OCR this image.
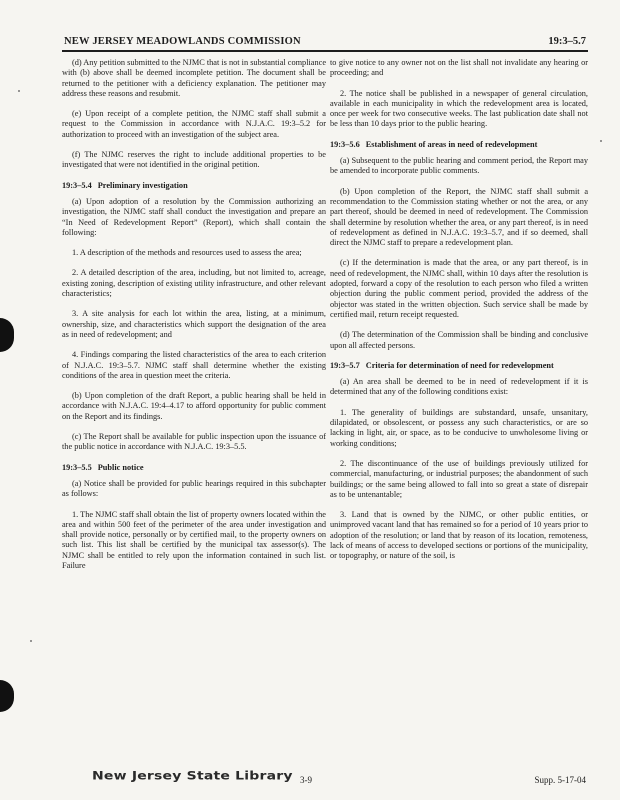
NEW JERSEY MEADOWLANDS COMMISSION	19:3–5.7

(d) Any petition submitted to the NJMC that is not in substantial compliance with (b) above shall be deemed incomplete petition. The document shall be returned to the petitioner with a deficiency explanation. The petitioner may address these reasons and resubmit.

(e) Upon receipt of a complete petition, the NJMC staff shall submit a request to the Commission in accordance with N.J.A.C. 19:3–5.2 for authorization to proceed with an investigation of the subject area.

(f) The NJMC reserves the right to include additional properties to be investigated that were not identified in the original petition.

19:3–5.4 Preliminary investigation

(a) Upon adoption of a resolution by the Commission authorizing an investigation, the NJMC staff shall conduct the investigation and prepare an “In Need of Redevelopment Report” (Report), which shall contain the following:

1. A description of the methods and resources used to assess the area;

2. A detailed description of the area, including, but not limited to, acreage, existing zoning, description of existing utility infrastructure, and other relevant characteristics;

3. A site analysis for each lot within the area, listing, at a minimum, ownership, size, and characteristics which support the designation of the area as in need of redevelopment; and

4. Findings comparing the listed characteristics of the area to each criterion of N.J.A.C. 19:3–5.7. NJMC staff shall determine whether the existing conditions of the area in question meet the criteria.

(b) Upon completion of the draft Report, a public hearing shall be held in accordance with N.J.A.C. 19:4–4.17 to afford opportunity for public comment on the Report and its findings.

(c) The Report shall be available for public inspection upon the issuance of the public notice in accordance with N.J.A.C. 19:3–5.5.

19:3–5.5 Public notice

(a) Notice shall be provided for public hearings required in this subchapter as follows:

1. The NJMC staff shall obtain the list of property owners located within the area and within 500 feet of the perimeter of the area under investigation and shall provide notice, personally or by certified mail, to the property owners on such list. This list shall be certified by the municipal tax assessor(s). The NJMC shall be entitled to rely upon the information contained in such list. Failure

to give notice to any owner not on the list shall not invalidate any hearing or proceeding; and

2. The notice shall be published in a newspaper of general circulation, available in each municipality in which the redevelopment area is located, once per week for two consecutive weeks. The last publication date shall not be less than 10 days prior to the public hearing.

19:3–5.6 Establishment of areas in need of redevelopment

(a) Subsequent to the public hearing and comment period, the Report may be amended to incorporate public comments.

(b) Upon completion of the Report, the NJMC staff shall submit a recommendation to the Commission stating whether or not the area, or any part thereof, should be deemed in need of redevelopment. The Commission shall determine by resolution whether the area, or any part thereof, is in need of redevelopment as defined in N.J.A.C. 19:3–5.7, and if so deemed, shall direct the NJMC staff to prepare a redevelopment plan.

(c) If the determination is made that the area, or any part thereof, is in need of redevelopment, the NJMC shall, within 10 days after the resolution is adopted, forward a copy of the resolution to each person who filed a written objection during the public comment period, provided the address of the objector was stated in the written objection. Such service shall be made by certified mail, return receipt requested.

(d) The determination of the Commission shall be binding and conclusive upon all affected persons.

19:3–5.7 Criteria for determination of need for redevelopment

(a) An area shall be deemed to be in need of redevelopment if it is determined that any of the following conditions exist:

1. The generality of buildings are substandard, unsafe, unsanitary, dilapidated, or obsolescent, or possess any such characteristics, or are so lacking in light, air, or space, as to be conducive to unwholesome living or working conditions;

2. The discontinuance of the use of buildings previously utilized for commercial, manufacturing, or industrial purposes; the abandonment of such buildings; or the same being allowed to fall into so great a state of disrepair as to be untenantable;

3. Land that is owned by the NJMC, or other public entities, or unimproved vacant land that has remained so for a period of 10 years prior to adoption of the resolution; or land that by reason of its location, remoteness, lack of means of access to developed sections or portions of the municipality, or topography, or nature of the soil, is

New Jersey State Library 3-9	Supp. 5-17-04
